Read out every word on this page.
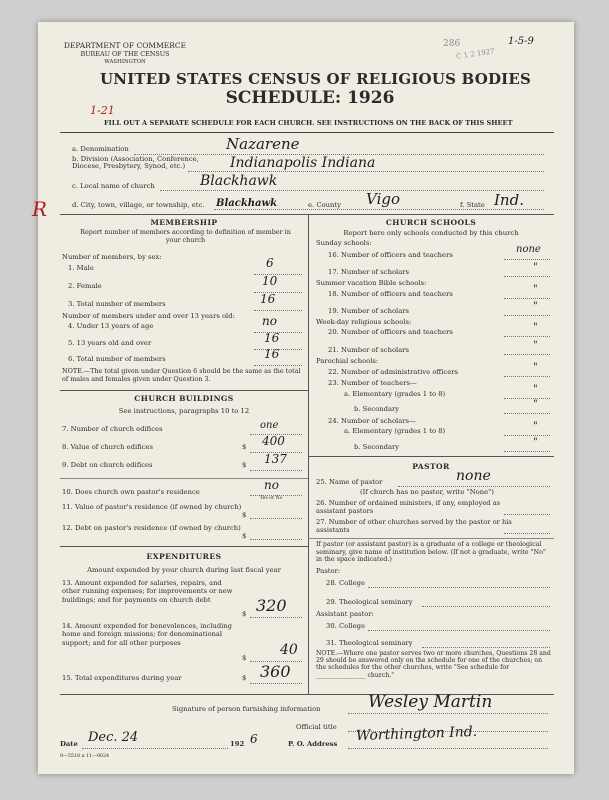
DEPARTMENT OF COMMERCE
BUREAU OF THE CENSUS
WASHINGTON
286
C 1 2 1927
1-5-9
UNITED STATES CENSUS OF RELIGIOUS BODIES
SCHEDULE: 1926
1-21
FILL OUT A SEPARATE SCHEDULE FOR EACH CHURCH. SEE INSTRUCTIONS ON THE BACK OF THIS SHEET
a. Denomination	Nazarene
b. Division (Association, Conference, Diocese, Presbytery, Synod, etc.)	Indianapolis Indiana
c. Local name of church	Blackhawk
R	d. City, town, village, or township, etc. Blackhawk	e. County Vigo	f. State Ind.
MEMBERSHIP
Report number of members according to definition of member in your church
Number of members, by sex:
1. Male	6
2. Female	10
3. Total number of members	16
Number of members under and over 13 years old:
4. Under 13 years of age	no
5. 13 years old and over	16
6. Total number of members	16
NOTE.—The total given under Question 6 should be the same as the total of males and females given under Question 3.
CHURCH BUILDINGS
See instructions, paragraphs 10 to 12
7. Number of church edifices	one
8. Value of church edifices	$ 400
9. Debt on church edifices	$ 137
10. Does church own pastor's residence	no
Yes or No
11. Value of pastor's residence (if owned by church)
$
12. Debt on pastor's residence (if owned by church)
$
EXPENDITURES
Amount expended by your church during last fiscal year
13. Amount expended for salaries, repairs, and other running expenses; for improvements or new buildings; and for payments on church debt
$ 320
14. Amount expended for benevolences, including home and foreign missions; for denominational support; and for all other purposes
$ 40
15. Total expenditures during year	$ 360
CHURCH SCHOOLS
Report here only schools conducted by this church
Sunday schools:
16. Number of officers and teachers	none
17. Number of scholars	"
Summer vacation Bible schools:
18. Number of officers and teachers	"
19. Number of scholars	"
Week-day religious schools:
20. Number of officers and teachers	"
21. Number of scholars	"
Parochial schools:
22. Number of administrative officers	"
23. Number of teachers—
a. Elementary (grades 1 to 8)	"
b. Secondary	"
24. Number of scholars—
a. Elementary (grades 1 to 8)	"
b. Secondary	"
PASTOR
25. Name of pastor	none
(If church has no pastor, write "None")
26. Number of ordained ministers, if any, employed as assistant pastors
27. Number of other churches served by the pastor or his assistants
If pastor (or assistant pastor) is a graduate of a college or theological seminary, give name of institution below. (If not a graduate, write "No" in the space indicated.)
Pastor:
28. College
29. Theological seminary
Assistant pastor:
30. College
31. Theological seminary
NOTE.—Where one pastor serves two or more churches, Questions 28 and 29 should be answered only on the schedule for one of the churches; on the schedules for the other churches, write "See schedule for ________________ church."
Signature of person furnishing information	Wesley Martin
Official title
Date Dec. 24	192 6	P. O. Address Worthington Ind.
9—5518 a 11—9024
